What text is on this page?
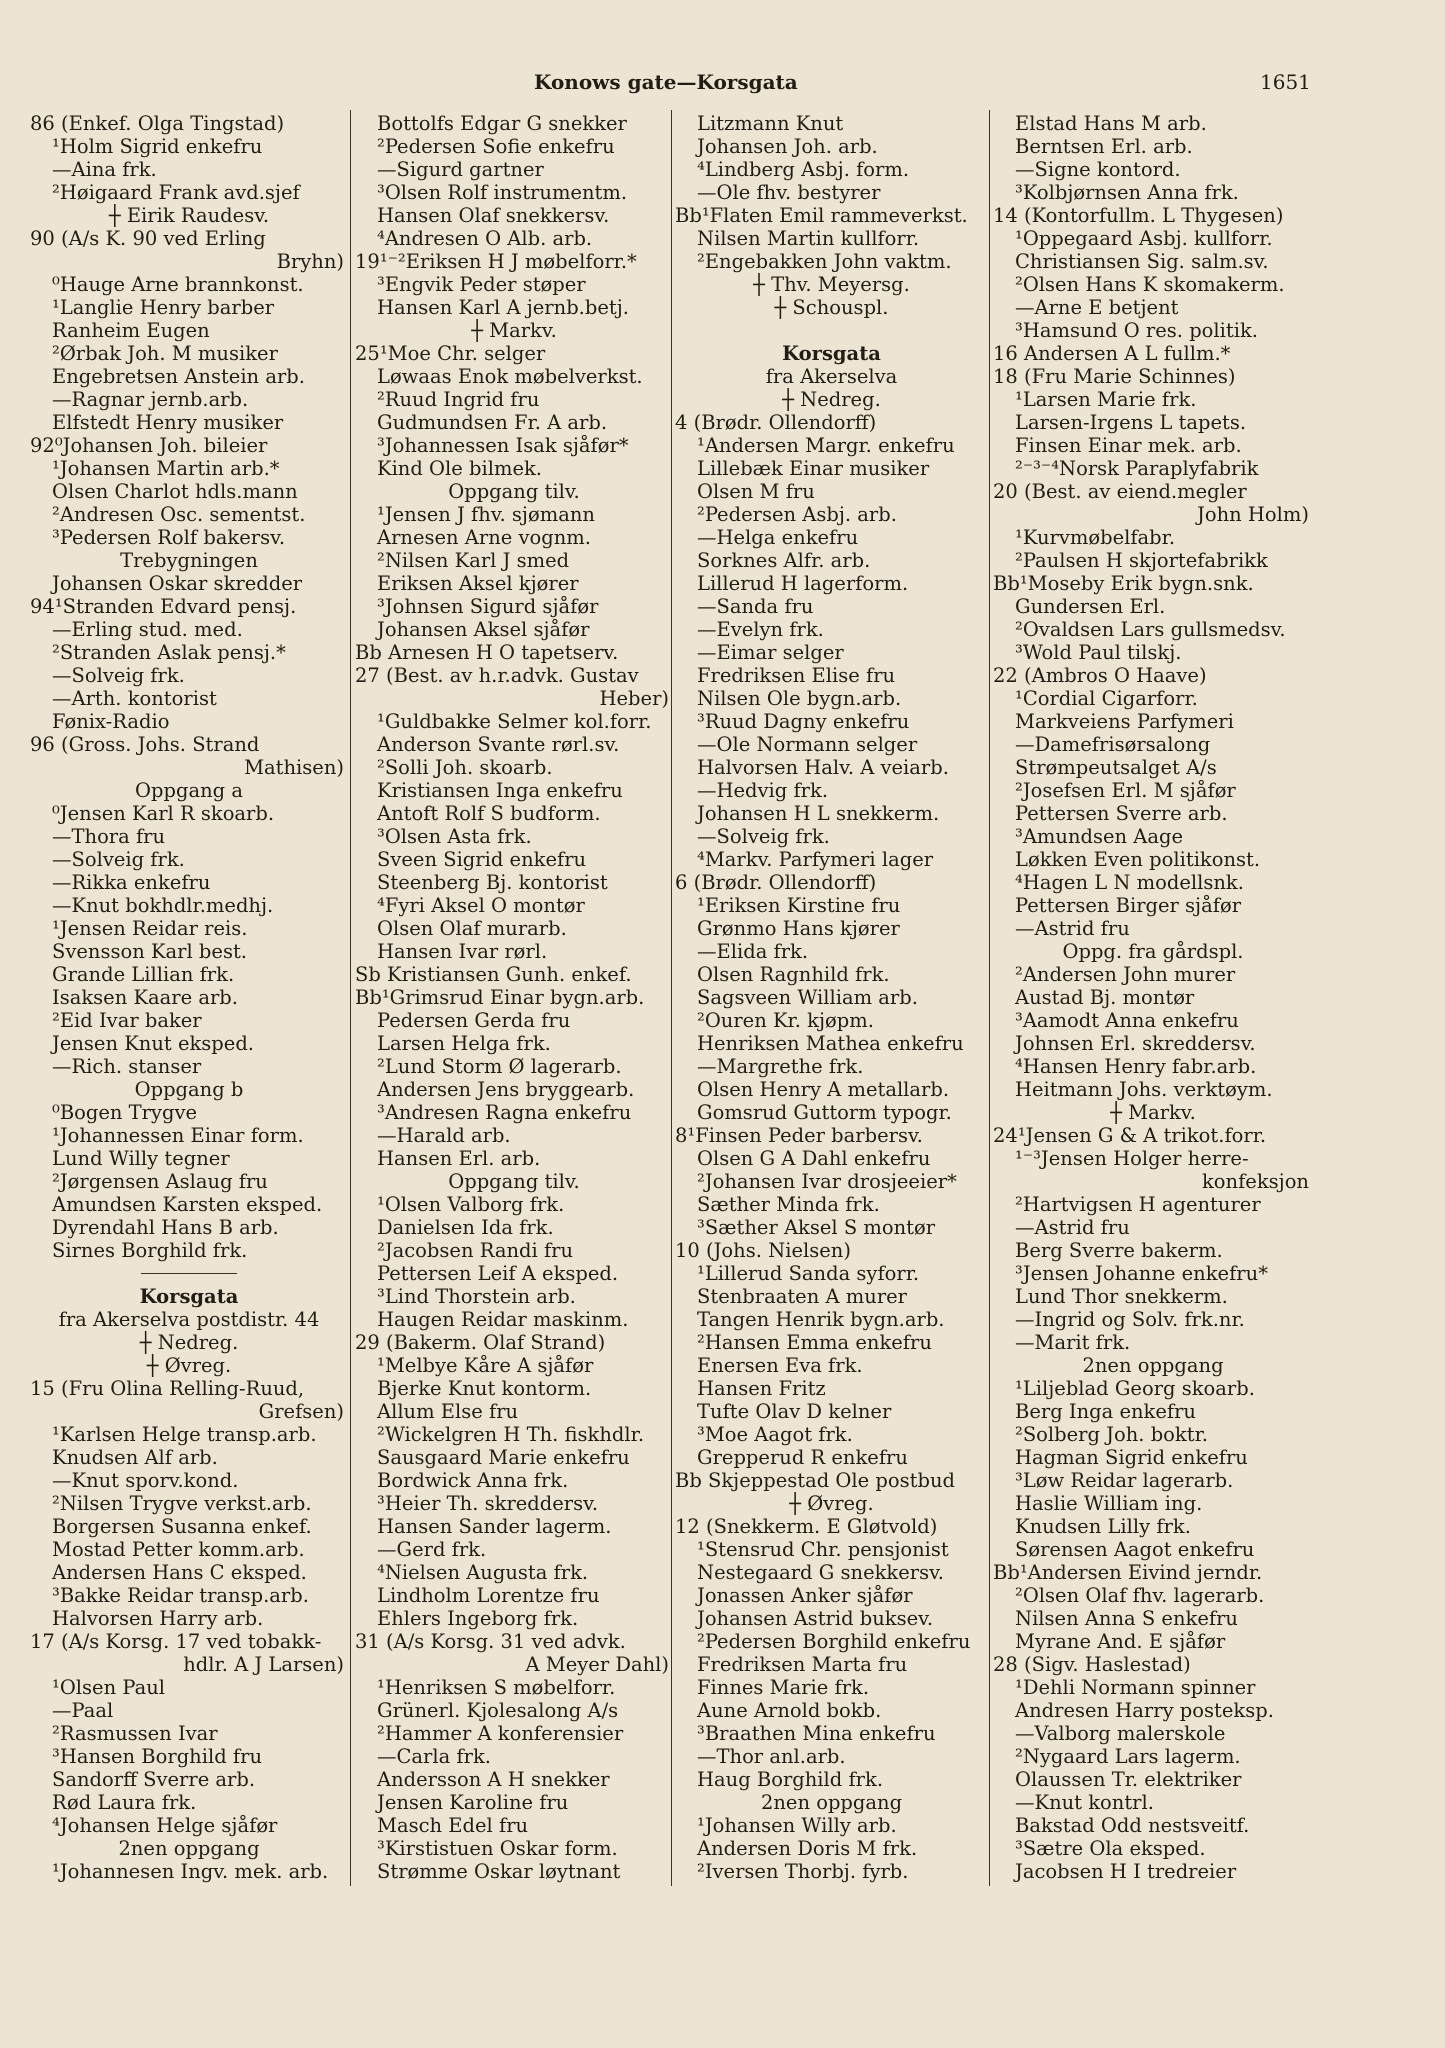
Konows gate—Korsgata	1651
86 (Enkef. Olga Tingstad)
¹Holm Sigrid enkefru
—Aina frk.
²Høigaard Frank avd.sjef
┼ Eirik Raudesv.
90 (A/s K. 90 ved Erling
Bryhn)
⁰Hauge Arne brannkonst.
¹Langlie Henry barber
Ranheim Eugen
²Ørbak Joh. M musiker
Engebretsen Anstein arb.
—Ragnar jernb.arb.
Elfstedt Henry musiker
92⁰Johansen Joh. bileier
¹Johansen Martin arb.*
Olsen Charlot hdls.mann
²Andresen Osc. sementst.
³Pedersen Rolf bakersv.
Trebygningen
Johansen Oskar skredder
94¹Stranden Edvard pensj.
—Erling stud. med.
²Stranden Aslak pensj.*
—Solveig frk.
—Arth. kontorist
Fønix-Radio
96 (Gross. Johs. Strand
Mathisen)
Oppgang a
⁰Jensen Karl R skoarb.
—Thora fru
—Solveig frk.
—Rikka enkefru
—Knut bokhdlr.medhj.
¹Jensen Reidar reis.
Svensson Karl best.
Grande Lillian frk.
Isaksen Kaare arb.
²Eid Ivar baker
Jensen Knut eksped.
—Rich. stanser
Oppgang b
⁰Bogen Trygve
¹Johannessen Einar form.
Lund Willy tegner
²Jørgensen Aslaug fru
Amundsen Karsten eksped.
Dyrendahl Hans B arb.
Sirnes Borghild frk.
Korsgata
fra Akerselva postdistr. 44
┼ Nedreg.
┼ Øvreg.
15 (Fru Olina Relling-Ruud,
Grefsen)
¹Karlsen Helge transp.arb.
Knudsen Alf arb.
—Knut sporv.kond.
²Nilsen Trygve verkst.arb.
Borgersen Susanna enkef.
Mostad Petter komm.arb.
Andersen Hans C eksped.
³Bakke Reidar transp.arb.
Halvorsen Harry arb.
17 (A/s Korsg. 17 ved tobakk-
hdlr. A J Larsen)
¹Olsen Paul
—Paal
²Rasmussen Ivar
³Hansen Borghild fru
Sandorff Sverre arb.
Rød Laura frk.
⁴Johansen Helge sjåfør
2nen oppgang
¹Johannesen Ingv. mek. arb.
Bottolfs Edgar G snekker
²Pedersen Sofie enkefru
—Sigurd gartner
³Olsen Rolf instrumentm.
Hansen Olaf snekkersv.
⁴Andresen O Alb. arb.
19¹⁻²Eriksen H J møbelforr.*
³Engvik Peder støper
Hansen Karl A jernb.betj.
┼ Markv.
25¹Moe Chr. selger
Løwaas Enok møbelverkst.
²Ruud Ingrid fru
Gudmundsen Fr. A arb.
³Johannessen Isak sjåfør*
Kind Ole bilmek.
Oppgang tilv.
¹Jensen J fhv. sjømann
Arnesen Arne vognm.
²Nilsen Karl J smed
Eriksen Aksel kjører
³Johnsen Sigurd sjåfør
Johansen Aksel sjåfør
Bb Arnesen H O tapetserv.
27 (Best. av h.r.advk. Gustav
Heber)
¹Guldbakke Selmer kol.forr.
Anderson Svante rørl.sv.
²Solli Joh. skoarb.
Kristiansen Inga enkefru
Antoft Rolf S budform.
³Olsen Asta frk.
Sveen Sigrid enkefru
Steenberg Bj. kontorist
⁴Fyri Aksel O montør
Olsen Olaf murarb.
Hansen Ivar rørl.
Sb Kristiansen Gunh. enkef.
Bb¹Grimsrud Einar bygn.arb.
Pedersen Gerda fru
Larsen Helga frk.
²Lund Storm Ø lagerarb.
Andersen Jens bryggearb.
³Andresen Ragna enkefru
—Harald arb.
Hansen Erl. arb.
Oppgang tilv.
¹Olsen Valborg frk.
Danielsen Ida frk.
²Jacobsen Randi fru
Pettersen Leif A eksped.
³Lind Thorstein arb.
Haugen Reidar maskinm.
29 (Bakerm. Olaf Strand)
¹Melbye Kåre A sjåfør
Bjerke Knut kontorm.
Allum Else fru
²Wickelgren H Th. fiskhdlr.
Sausgaard Marie enkefru
Bordwick Anna frk.
³Heier Th. skreddersv.
Hansen Sander lagerm.
—Gerd frk.
⁴Nielsen Augusta frk.
Lindholm Lorentze fru
Ehlers Ingeborg frk.
31 (A/s Korsg. 31 ved advk.
A Meyer Dahl)
¹Henriksen S møbelforr.
Grünerl. Kjolesalong A/s
²Hammer A konferensier
—Carla frk.
Andersson A H snekker
Jensen Karoline fru
Masch Edel fru
³Kirstistuen Oskar form.
Strømme Oskar løytnant
Litzmann Knut
Johansen Joh. arb.
⁴Lindberg Asbj. form.
—Ole fhv. bestyrer
Bb¹Flaten Emil rammeverkst.
Nilsen Martin kullforr.
²Engebakken John vaktm.
┼ Thv. Meyersg.
┼ Schouspl.
Korsgata
fra Akerselva
┼ Nedreg.
4 (Brødr. Ollendorff)
¹Andersen Margr. enkefru
Lillebæk Einar musiker
Olsen M fru
²Pedersen Asbj. arb.
—Helga enkefru
Sorknes Alfr. arb.
Lillerud H lagerform.
—Sanda fru
—Evelyn frk.
—Eimar selger
Fredriksen Elise fru
Nilsen Ole bygn.arb.
³Ruud Dagny enkefru
—Ole Normann selger
Halvorsen Halv. A veiarb.
—Hedvig frk.
Johansen H L snekkerm.
—Solveig frk.
⁴Markv. Parfymeri lager
6 (Brødr. Ollendorff)
¹Eriksen Kirstine fru
Grønmo Hans kjører
—Elida frk.
Olsen Ragnhild frk.
Sagsveen William arb.
²Ouren Kr. kjøpm.
Henriksen Mathea enkefru
—Margrethe frk.
Olsen Henry A metallarb.
Gomsrud Guttorm typogr.
8¹Finsen Peder barbersv.
Olsen G A Dahl enkefru
²Johansen Ivar drosjeeier*
Sæther Minda frk.
³Sæther Aksel S montør
10 (Johs. Nielsen)
¹Lillerud Sanda syforr.
Stenbraaten A murer
Tangen Henrik bygn.arb.
²Hansen Emma enkefru
Enersen Eva frk.
Hansen Fritz
Tufte Olav D kelner
³Moe Aagot frk.
Grepperud R enkefru
Bb Skjeppestad Ole postbud
┼ Øvreg.
12 (Snekkerm. E Gløtvold)
¹Stensrud Chr. pensjonist
Nestegaard G snekkersv.
Jonassen Anker sjåfør
Johansen Astrid buksev.
²Pedersen Borghild enkefru
Fredriksen Marta fru
Finnes Marie frk.
Aune Arnold bokb.
³Braathen Mina enkefru
—Thor anl.arb.
Haug Borghild frk.
2nen oppgang
¹Johansen Willy arb.
Andersen Doris M frk.
²Iversen Thorbj. fyrb.
Elstad Hans M arb.
Berntsen Erl. arb.
—Signe kontord.
³Kolbjørnsen Anna frk.
14 (Kontorfullm. L Thygesen)
¹Oppegaard Asbj. kullforr.
Christiansen Sig. salm.sv.
²Olsen Hans K skomakerm.
—Arne E betjent
³Hamsund O res. politik.
16 Andersen A L fullm.*
18 (Fru Marie Schinnes)
¹Larsen Marie frk.
Larsen-Irgens L tapets.
Finsen Einar mek. arb.
²⁻³⁻⁴Norsk Paraplyfabrik
20 (Best. av eiend.megler
John Holm)
¹Kurvmøbelfabr.
²Paulsen H skjortefabrikk
Bb¹Moseby Erik bygn.snk.
Gundersen Erl.
²Ovaldsen Lars gullsmedsv.
³Wold Paul tilskj.
22 (Ambros O Haave)
¹Cordial Cigarforr.
Markveiens Parfymeri
—Damefrisørsalong
Strømpeutsalget A/s
²Josefsen Erl. M sjåfør
Pettersen Sverre arb.
³Amundsen Aage
Løkken Even politikonst.
⁴Hagen L N modellsnk.
Pettersen Birger sjåfør
—Astrid fru
Oppg. fra gårdspl.
²Andersen John murer
Austad Bj. montør
³Aamodt Anna enkefru
Johnsen Erl. skreddersv.
⁴Hansen Henry fabr.arb.
Heitmann Johs. verktøym.
┼ Markv.
24¹Jensen G & A trikot.forr.
¹⁻³Jensen Holger herre-
konfeksjon
²Hartvigsen H agenturer
—Astrid fru
Berg Sverre bakerm.
³Jensen Johanne enkefru*
Lund Thor snekkerm.
—Ingrid og Solv. frk.nr.
—Marit frk.
2nen oppgang
¹Liljeblad Georg skoarb.
Berg Inga enkefru
²Solberg Joh. boktr.
Hagman Sigrid enkefru
³Løw Reidar lagerarb.
Haslie William ing.
Knudsen Lilly frk.
Sørensen Aagot enkefru
Bb¹Andersen Eivind jerndr.
²Olsen Olaf fhv. lagerarb.
Nilsen Anna S enkefru
Myrane And. E sjåfør
28 (Sigv. Haslestad)
¹Dehli Normann spinner
Andresen Harry posteksp.
—Valborg malerskole
²Nygaard Lars lagerm.
Olaussen Tr. elektriker
—Knut kontrl.
Bakstad Odd nestsveitf.
³Sætre Ola eksped.
Jacobsen H I tredreier
